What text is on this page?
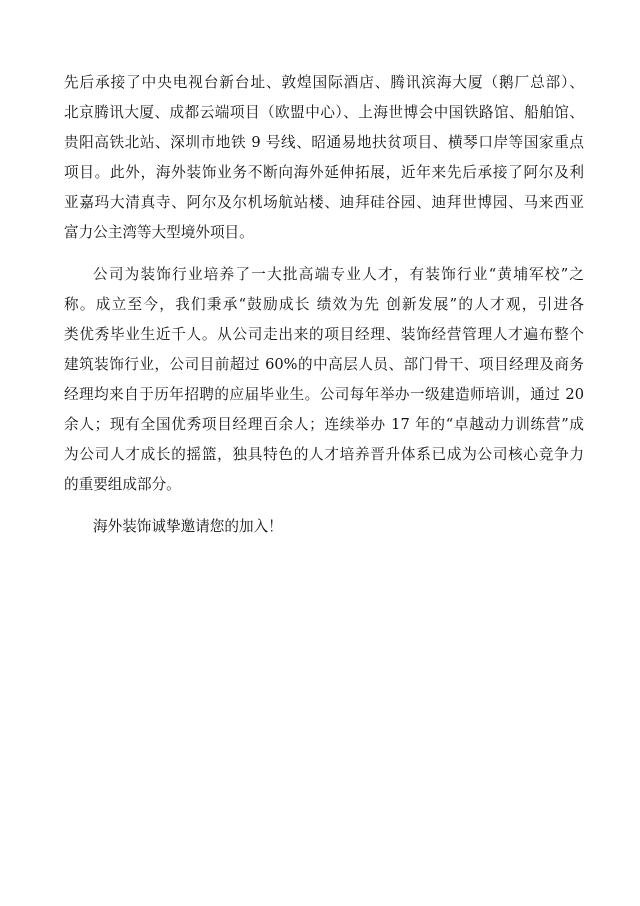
先后承接了中央电视台新台址、敦煌国际酒店、腾讯滨海大厦（鹅厂总部）、
北京腾讯大厦、成都云端项目（欧盟中心）、上海世博会中国铁路馆、船舶馆、
贵阳高铁北站、深圳市地铁 9 号线、昭通易地扶贫项目、横琴口岸等国家重点
项目。此外，海外装饰业务不断向海外延伸拓展，近年来先后承接了阿尔及利
亚嘉玛大清真寺、阿尔及尔机场航站楼、迪拜硅谷园、迪拜世博园、马来西亚
富力公主湾等大型境外项目。
公司为装饰行业培养了一大批高端专业人才，有装饰行业“黄埔军校”之
称。成立至今，我们秉承“鼓励成长 绩效为先 创新发展”的人才观，引进各
类优秀毕业生近千人。从公司走出来的项目经理、装饰经营管理人才遍布整个
建筑装饰行业，公司目前超过 60%的中高层人员、部门骨干、项目经理及商务
经理均来自于历年招聘的应届毕业生。公司每年举办一级建造师培训，通过 20
余人；现有全国优秀项目经理百余人；连续举办 17 年的“卓越动力训练营”成
为公司人才成长的摇篮，独具特色的人才培养晋升体系已成为公司核心竞争力
的重要组成部分。
海外装饰诚挚邀请您的加入！
